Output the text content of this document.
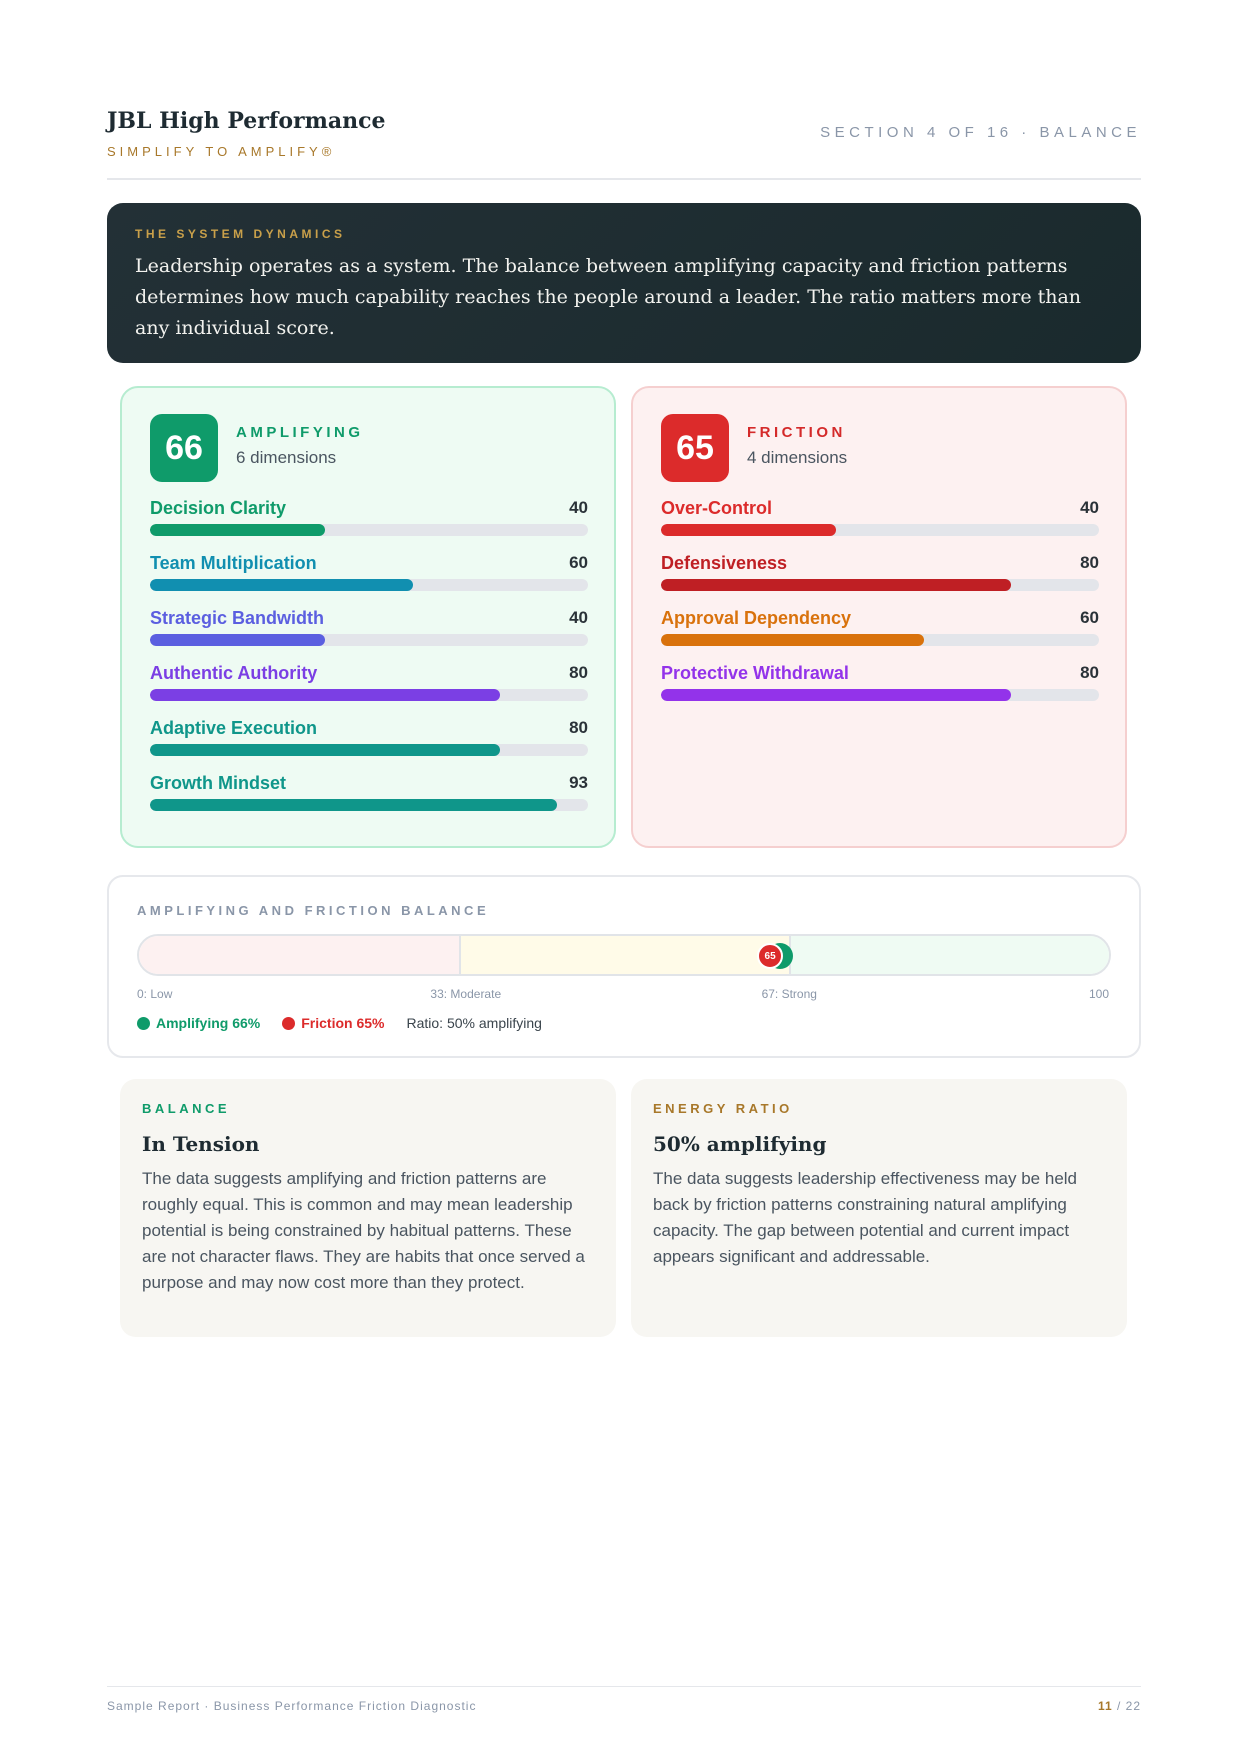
JBL High Performance
SIMPLIFY TO AMPLIFY®
SECTION 4 OF 16 · BALANCE
THE SYSTEM DYNAMICS
Leadership operates as a system. The balance between amplifying capacity and friction patterns determines how much capability reaches the people around a leader. The ratio matters more than any individual score.
66	AMPLIFYING
6 dimensions
Decision Clarity	40
Team Multiplication	60
Strategic Bandwidth	40
Authentic Authority	80
Adaptive Execution	80
Growth Mindset	93
65	FRICTION
4 dimensions
Over-Control	40
Defensiveness	80
Approval Dependency	60
Protective Withdrawal	80
AMPLIFYING AND FRICTION BALANCE
65
0: Low	33: Moderate	67: Strong	100
Amplifying 66%	Friction 65% Ratio: 50% amplifying
BALANCE
In Tension
The data suggests amplifying and friction patterns are roughly equal. This is common and may mean leadership potential is being constrained by habitual patterns. These are not character flaws. They are habits that once served a purpose and may now cost more than they protect.
ENERGY RATIO
50% amplifying
The data suggests leadership effectiveness may be held back by friction patterns constraining natural amplifying capacity. The gap between potential and current impact appears significant and addressable.
Sample Report · Business Performance Friction Diagnostic	11 / 22
